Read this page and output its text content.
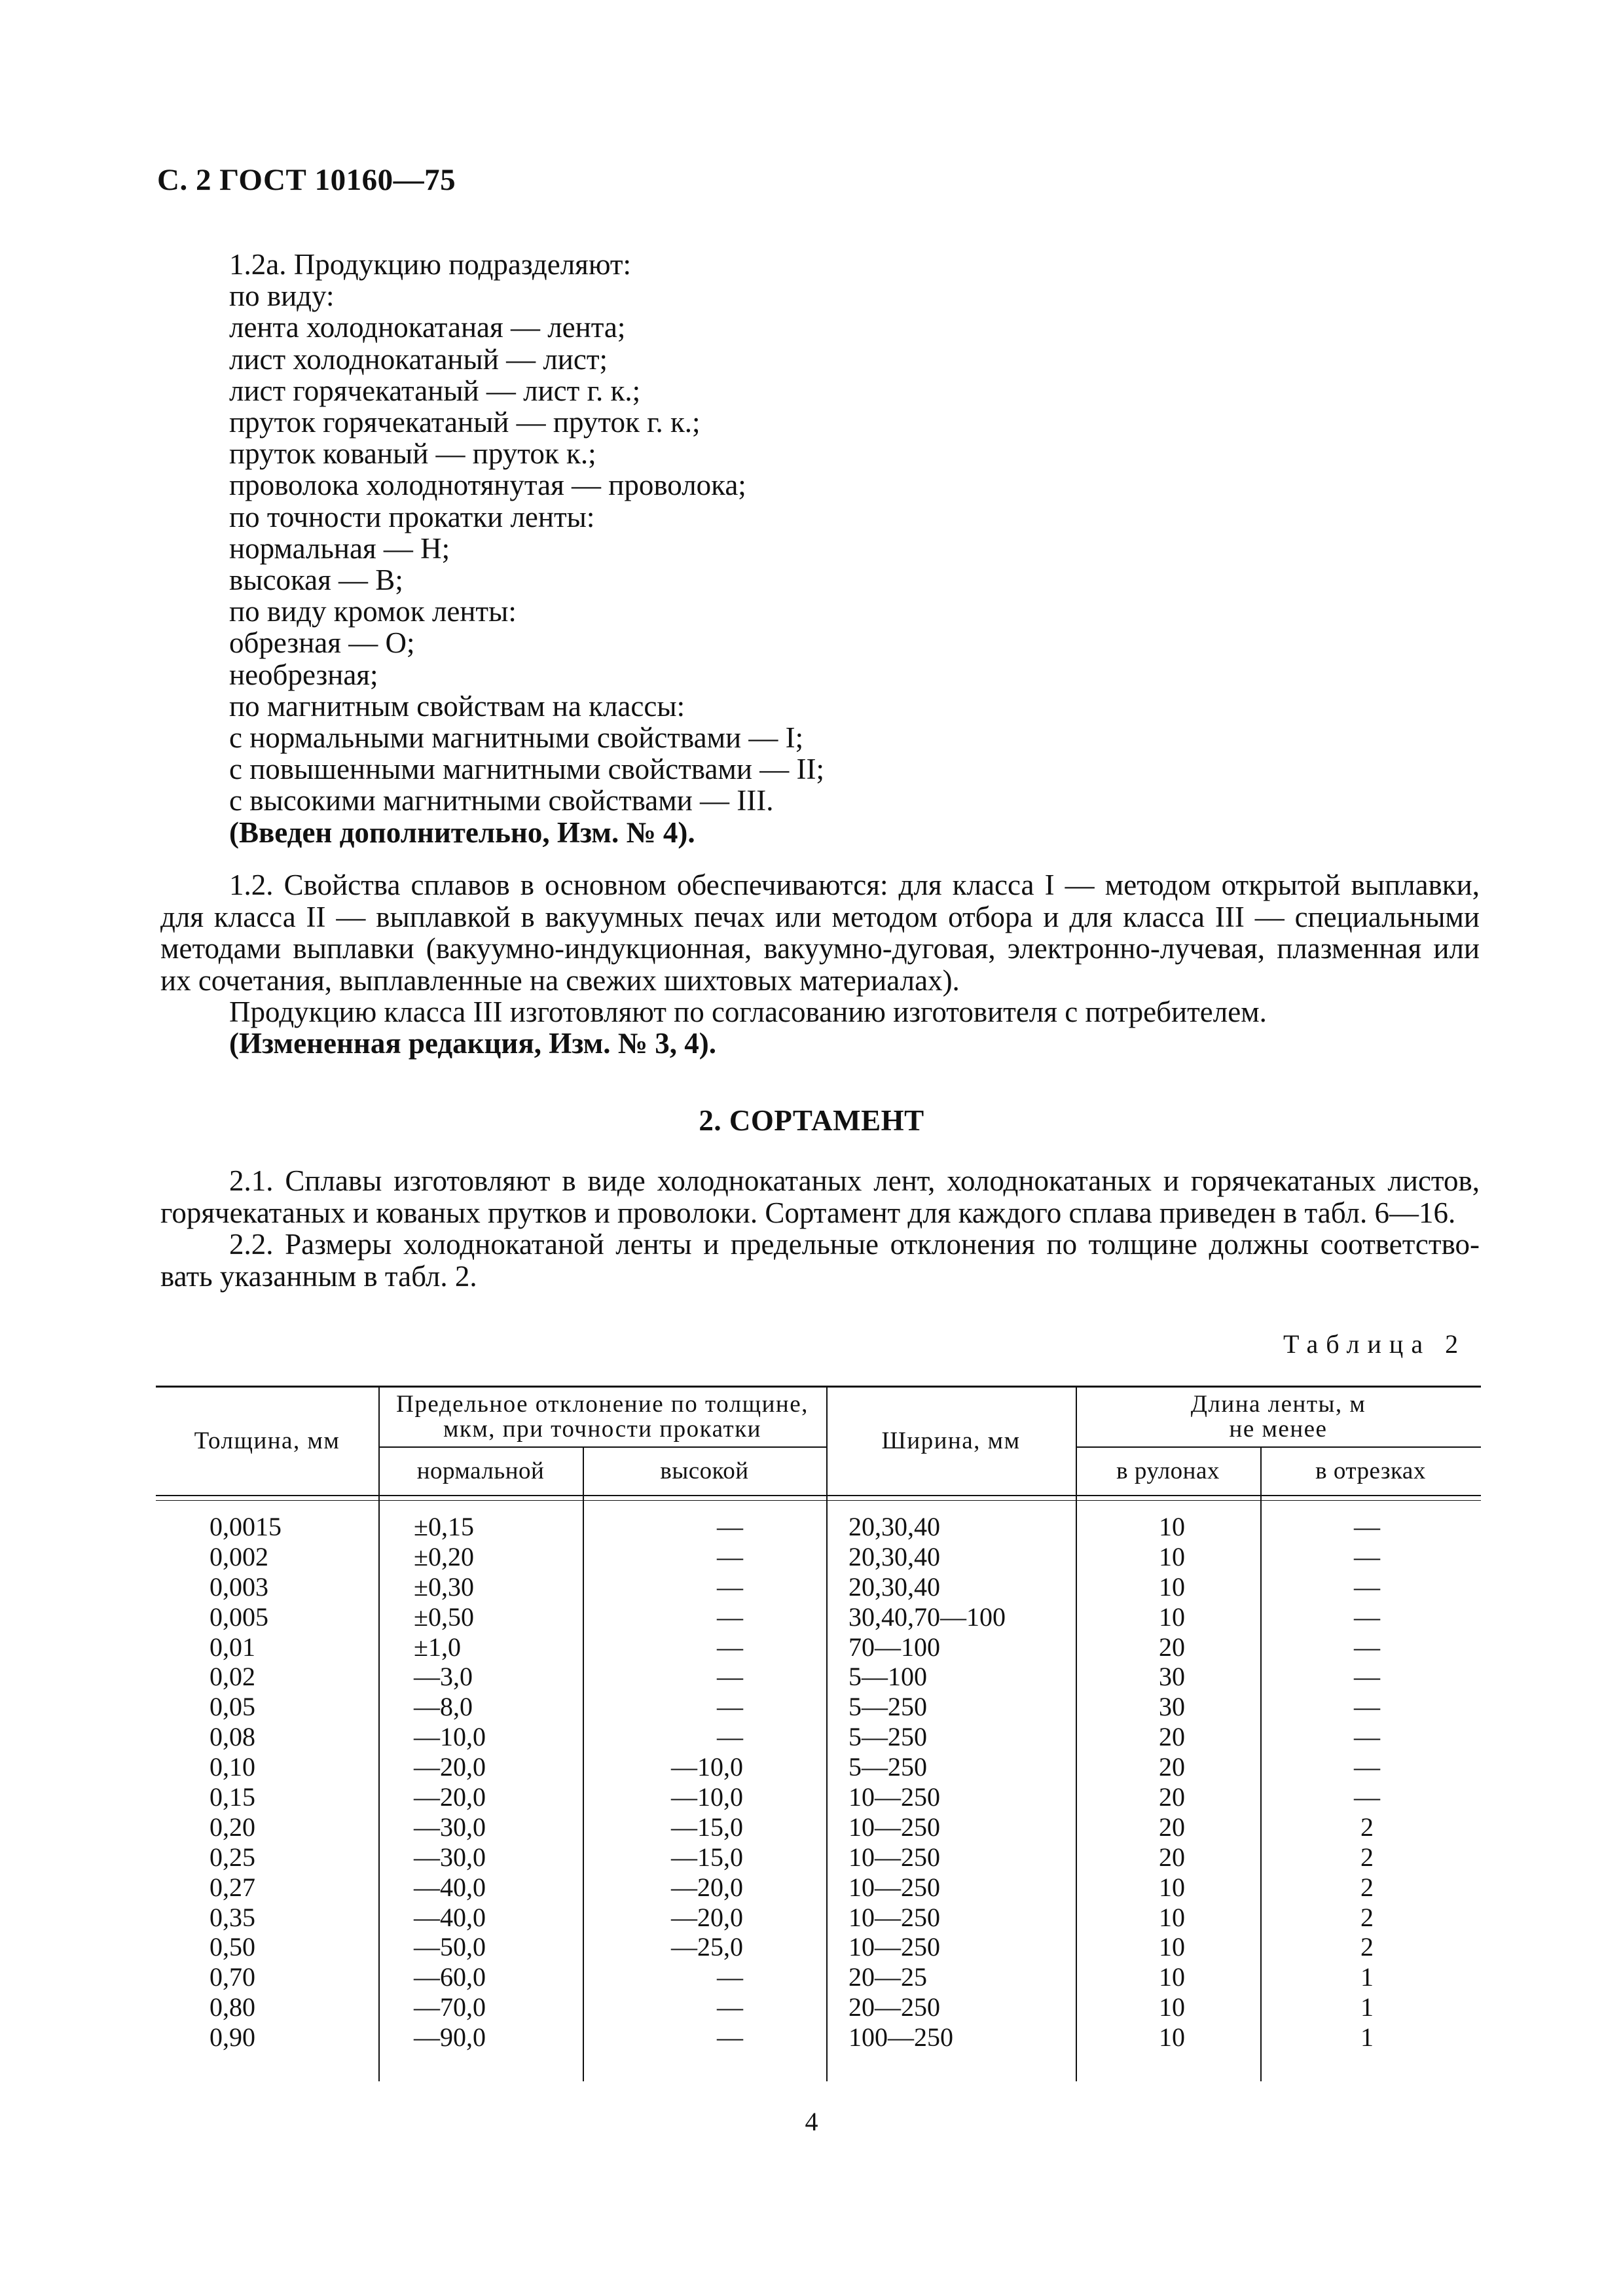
С. 2 ГОСТ 10160—75
1.2а. Продукцию подразделяют:
по виду:
лента холоднокатаная — лента;
лист холоднокатаный — лист;
лист горячекатаный — лист г. к.;
пруток горячекатаный — пруток г. к.;
пруток кованый — пруток к.;
проволока холоднотянутая — проволока;
по точности прокатки ленты:
нормальная — Н;
высокая — В;
по виду кромок ленты:
обрезная — О;
необрезная;
по магнитным свойствам на классы:
с нормальными магнитными свойствами — I;
с повышенными магнитными свойствами — II;
с высокими магнитными свойствами — III.
(Введен дополнительно, Изм. № 4).
1.2. Свойства сплавов в основном обеспечиваются: для класса I — методом открытой выплавки, для класса II — выплавкой в вакуумных печах или методом отбора и для класса III — специальными методами выплавки (вакуумно-индукционная, вакуумно-дуговая, электронно-лучевая, плазменная или их сочетания, выплавленные на свежих шихтовых материалах).
Продукцию класса III изготовляют по согласованию изготовителя с потребителем.
(Измененная редакция, Изм. № 3, 4).
2. СОРТАМЕНТ
2.1. Сплавы изготовляют в виде холоднокатаных лент, холоднокатаных и горячекатаных листов, горячекатаных и кованых прутков и проволоки. Сортамент для каждого сплава приведен в табл. 6—16.
2.2. Размеры холоднокатаной ленты и предельные отклонения по толщине должны соответство-вать указанным в табл. 2.
Таблица 2
Толщина, мм
Предельное отклонение по толщине, мкм, при точности прокатки
нормальной	высокой
Ширина, мм
Длина ленты, м не менее
в рулонах	в отрезках
0,0015
0,002
0,003
0,005
0,01
0,02
0,05
0,08
0,10
0,15
0,20
0,25
0,27
0,35
0,50
0,70
0,80
0,90
±0,15
±0,20
±0,30
±0,50
±1,0
—3,0
—8,0
—10,0
—20,0
—20,0
—30,0
—30,0
—40,0
—40,0
—50,0
—60,0
—70,0
—90,0
—
—
—
—
—
—
—
—
—10,0
—10,0
—15,0
—15,0
—20,0
—20,0
—25,0
—
—
—
20,30,40
20,30,40
20,30,40
30,40,70—100
70—100
5—100
5—250
5—250
5—250
10—250
10—250
10—250
10—250
10—250
10—250
20—25
20—250
100—250
10
10
10
10
20
30
30
20
20
20
20
20
10
10
10
10
10
10
—
—
—
—
—
—
—
—
—
—
2
2
2
2
2
1
1
1
4
